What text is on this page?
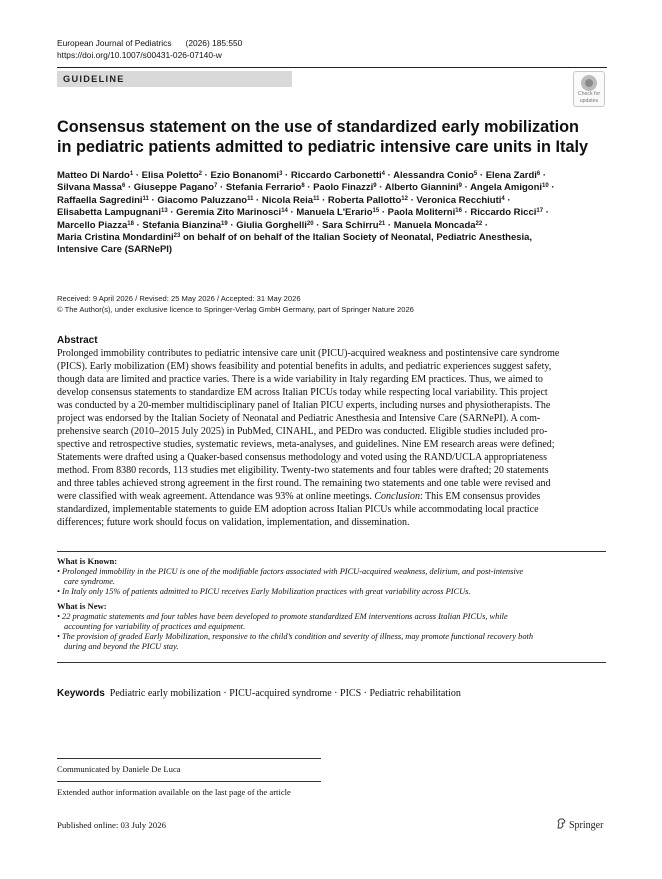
European Journal of Pediatrics (2026) 185:550
https://doi.org/10.1007/s00431-026-07140-w
GUIDELINE
Check for
updates
Consensus statement on the use of standardized early mobilization
in pediatric patients admitted to pediatric intensive care units in Italy
Matteo Di Nardo$^1$ · Elisa Poletto$^2$ · Ezio Bonanomi$^3$ · Riccardo Carbonetti$^4$ · Alessandra Conio$^5$ · Elena Zardi$^6$ ·
Silvana Massa$^6$ · Giuseppe Pagano$^7$ · Stefania Ferrario$^8$ · Paolo Finazzi$^9$ · Alberto Giannini$^9$ · Angela Amigoni$^{10}$ ·
Raffaella Sagredini$^{11}$ · Giacomo Paluzzano$^{11}$ · Nicola Reia$^{11}$ · Roberta Pallotto$^{12}$ · Veronica Recchiuti$^4$ ·
Elisabetta Lampugnani$^{13}$ · Geremia Zito Marinosci$^{14}$ · Manuela L'Erario$^{15}$ · Paola Moliterni$^{16}$ · Riccardo Ricci$^{17}$ ·
Marcello Piazza$^{18}$ · Stefania Bianzina$^{19}$ · Giulia Gorghelli$^{20}$ · Sara Schirru$^{21}$ · Manuela Moncada$^{22}$ ·
Maria Cristina Mondardini$^{23}$ on behalf of on behalf of the Italian Society of Neonatal, Pediatric Anesthesia,
Intensive Care (SARNePI)
Received: 9 April 2026 / Revised: 25 May 2026 / Accepted: 31 May 2026
© The Author(s), under exclusive licence to Springer-Verlag GmbH Germany, part of Springer Nature 2026
Abstract
Prolonged immobility contributes to pediatric intensive care unit (PICU)-acquired weakness and postintensive care syndrome
(PICS). Early mobilization (EM) shows feasibility and potential benefits in adults, and pediatric experiences suggest safety,
though data are limited and practice varies. There is a wide variability in Italy regarding EM practices. Thus, we aimed to
develop consensus statements to standardize EM across Italian PICUs today while respecting local variability. This project
was conducted by a 20-member multidisciplinary panel of Italian PICU experts, including nurses and physiotherapists. The
project was endorsed by the Italian Society of Neonatal and Pediatric Anesthesia and Intensive Care (SARNePI). A com-
prehensive search (2010–2015 July 2025) in PubMed, CINAHL, and PEDro was conducted. Eligible studies included pro-
spective and retrospective studies, systematic reviews, meta-analyses, and guidelines. Nine EM research areas were defined;
Statements were drafted using a Quaker-based consensus methodology and voted using the RAND/UCLA appropriateness
method. From 8380 records, 113 studies met eligibility. Twenty-two statements and four tables were drafted; 20 statements
and three tables achieved strong agreement in the first round. The remaining two statements and one table were revised and
were classified with weak agreement. Attendance was 93% at online meetings. Conclusion: This EM consensus provides
standardized, implementable statements to guide EM adoption across Italian PICUs while accommodating local practice
differences; future work should focus on validation, implementation, and dissemination.
What is Known:
• Prolonged immobility in the PICU is one of the modifiable factors associated with PICU-acquired weakness, delirium, and post-intensive
care syndrome.
• In Italy only 15% of patients admitted to PICU receives Early Mobilization practices with great variability across PICUs.
What is New:
• 22 pragmatic statements and four tables have been developed to promote standardized EM interventions across Italian PICUs, while
accounting for variability of practices and equipment.
• The provision of graded Early Mobilization, responsive to the child’s condition and severity of illness, may promote functional recovery both
during and beyond the PICU stay.
Keywords Pediatric early mobilization · PICU-acquired syndrome · PICS · Pediatric rehabilitation
Communicated by Daniele De Luca
Extended author information available on the last page of the article
Published online: 03 July 2026	Springer
